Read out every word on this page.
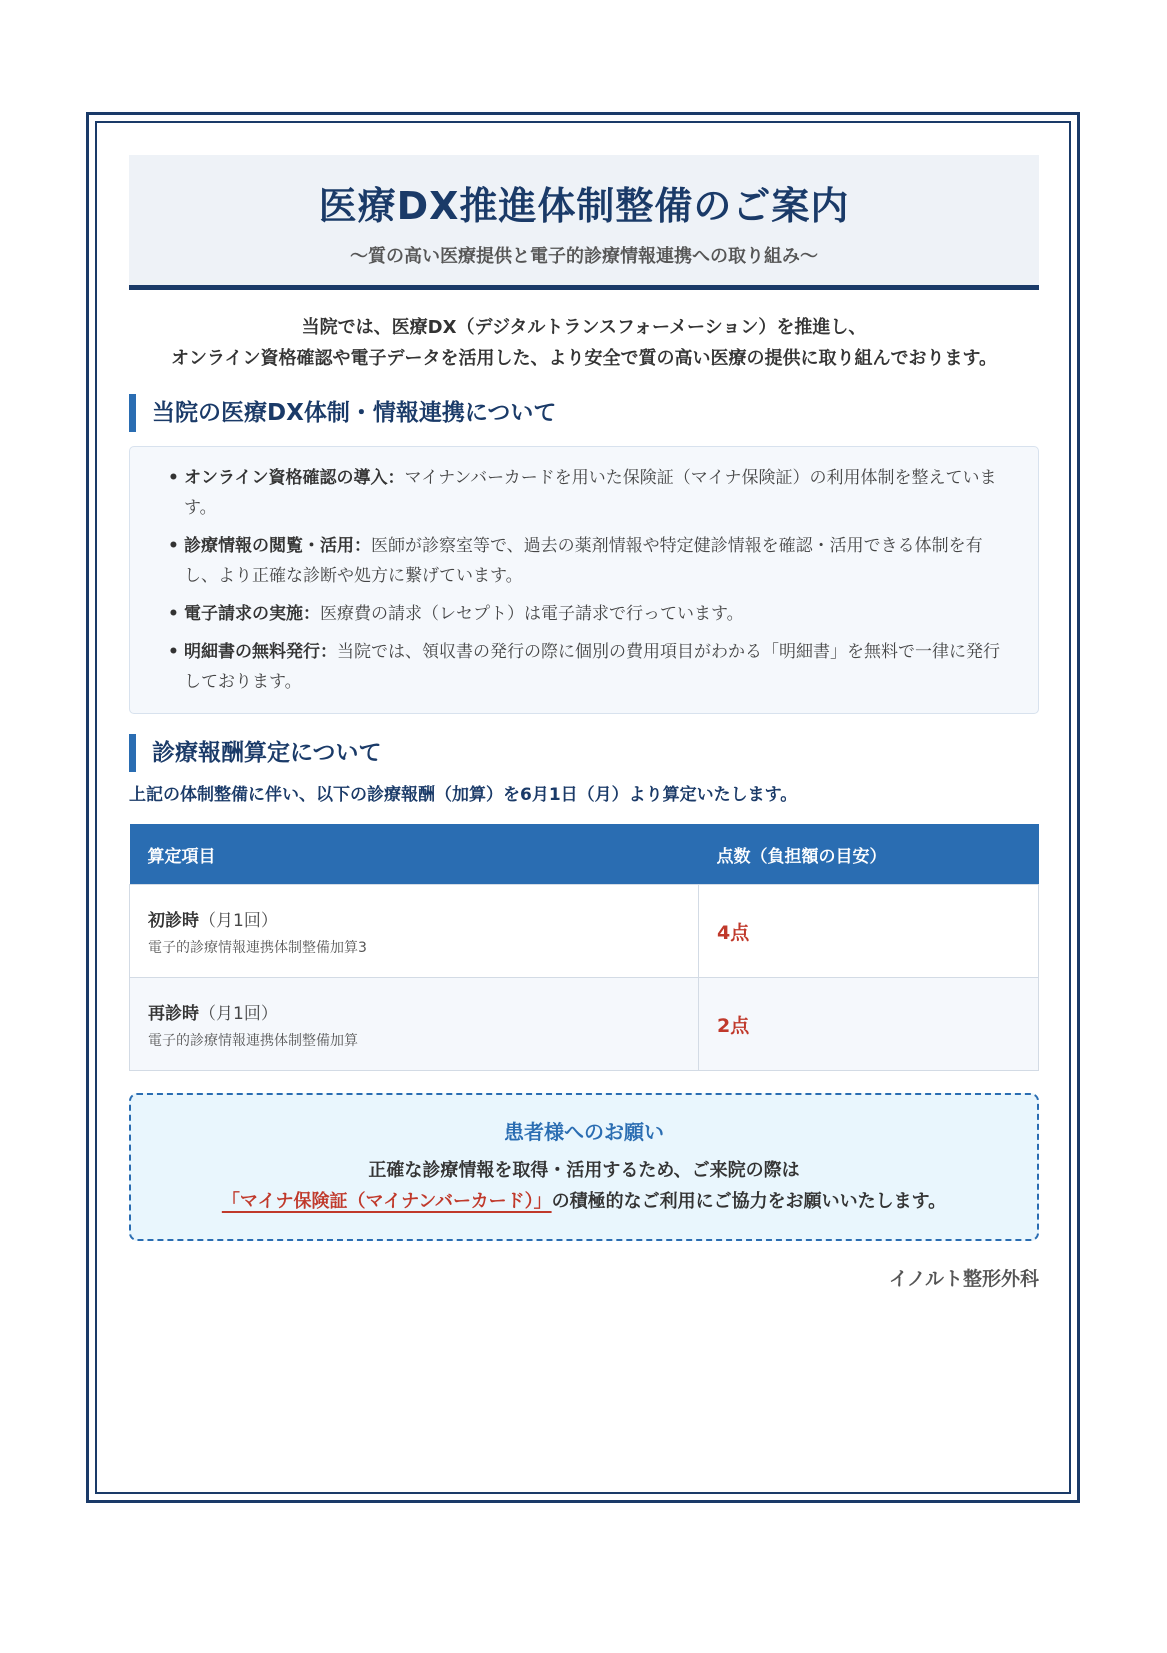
医療DX推進体制整備のご案内
〜質の高い医療提供と電子的診療情報連携への取り組み〜
当院では、医療DX（デジタルトランスフォーメーション）を推進し、
オンライン資格確認や電子データを活用した、より安全で質の高い医療の提供に取り組んでおります。
当院の医療DX体制・情報連携について
• オンライン資格確認の導入：マイナンバーカードを用いた保険証（マイナ保険証）の利用体制を整えています。
• 診療情報の閲覧・活用：医師が診察室等で、過去の薬剤情報や特定健診情報を確認・活用できる体制を有し、より正確な診断や処方に繋げています。
• 電子請求の実施：医療費の請求（レセプト）は電子請求で行っています。
• 明細書の無料発行：当院では、領収書の発行の際に個別の費用項目がわかる「明細書」を無料で一律に発行しております。
診療報酬算定について
上記の体制整備に伴い、以下の診療報酬（加算）を6月1日（月）より算定いたします。
算定項目	点数（負担額の目安）

初診時（月1回）
電子的診療情報連携体制整備加算3	4点

再診時（月1回）
電子的診療情報連携体制整備加算	2点
患者様へのお願い
正確な診療情報を取得・活用するため、ご来院の際は
「マイナ保険証（マイナンバーカード）」の積極的なご利用にご協力をお願いいたします。
イノルト整形外科
